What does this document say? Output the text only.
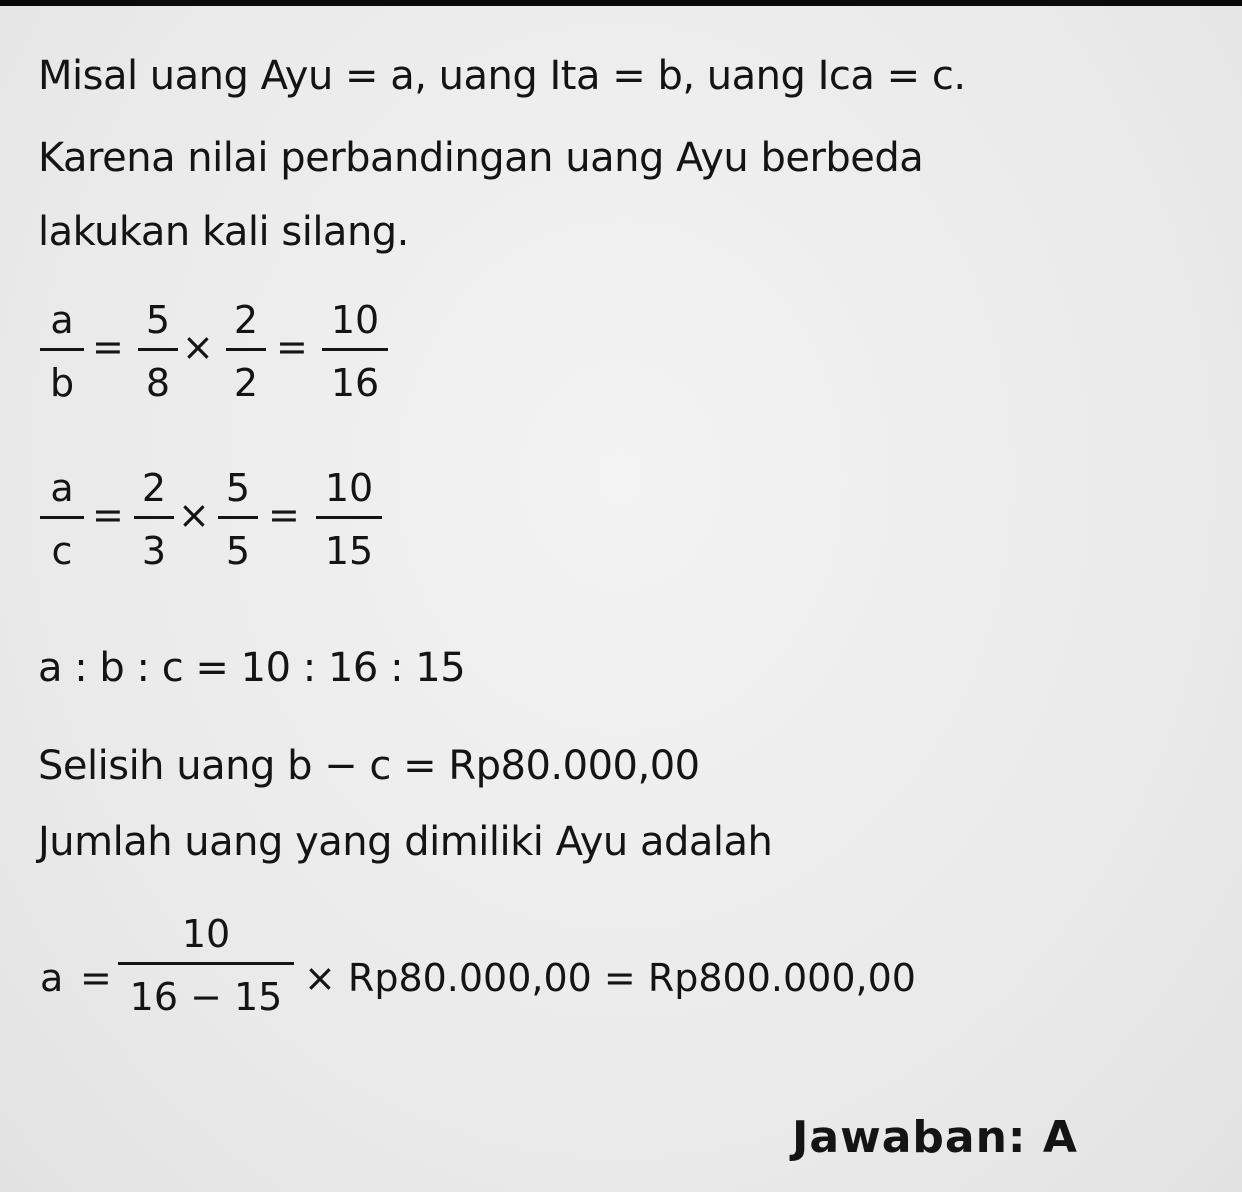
Misal uang Ayu = a, uang Ita = b, uang Ica = c.
Karena nilai perbandingan uang Ayu berbeda
lakukan kali silang.
a
b
=
5
8
×
2
2
=
10
16
a
c
=
2
3
×
5
5
=
10
15
a : b : c = 10 : 16 : 15
Selisih uang b − c = Rp80.000,00
Jumlah uang yang dimiliki Ayu adalah
a =
10
16 − 15 × Rp80.000,00 = Rp800.000,00
Jawaban: A
